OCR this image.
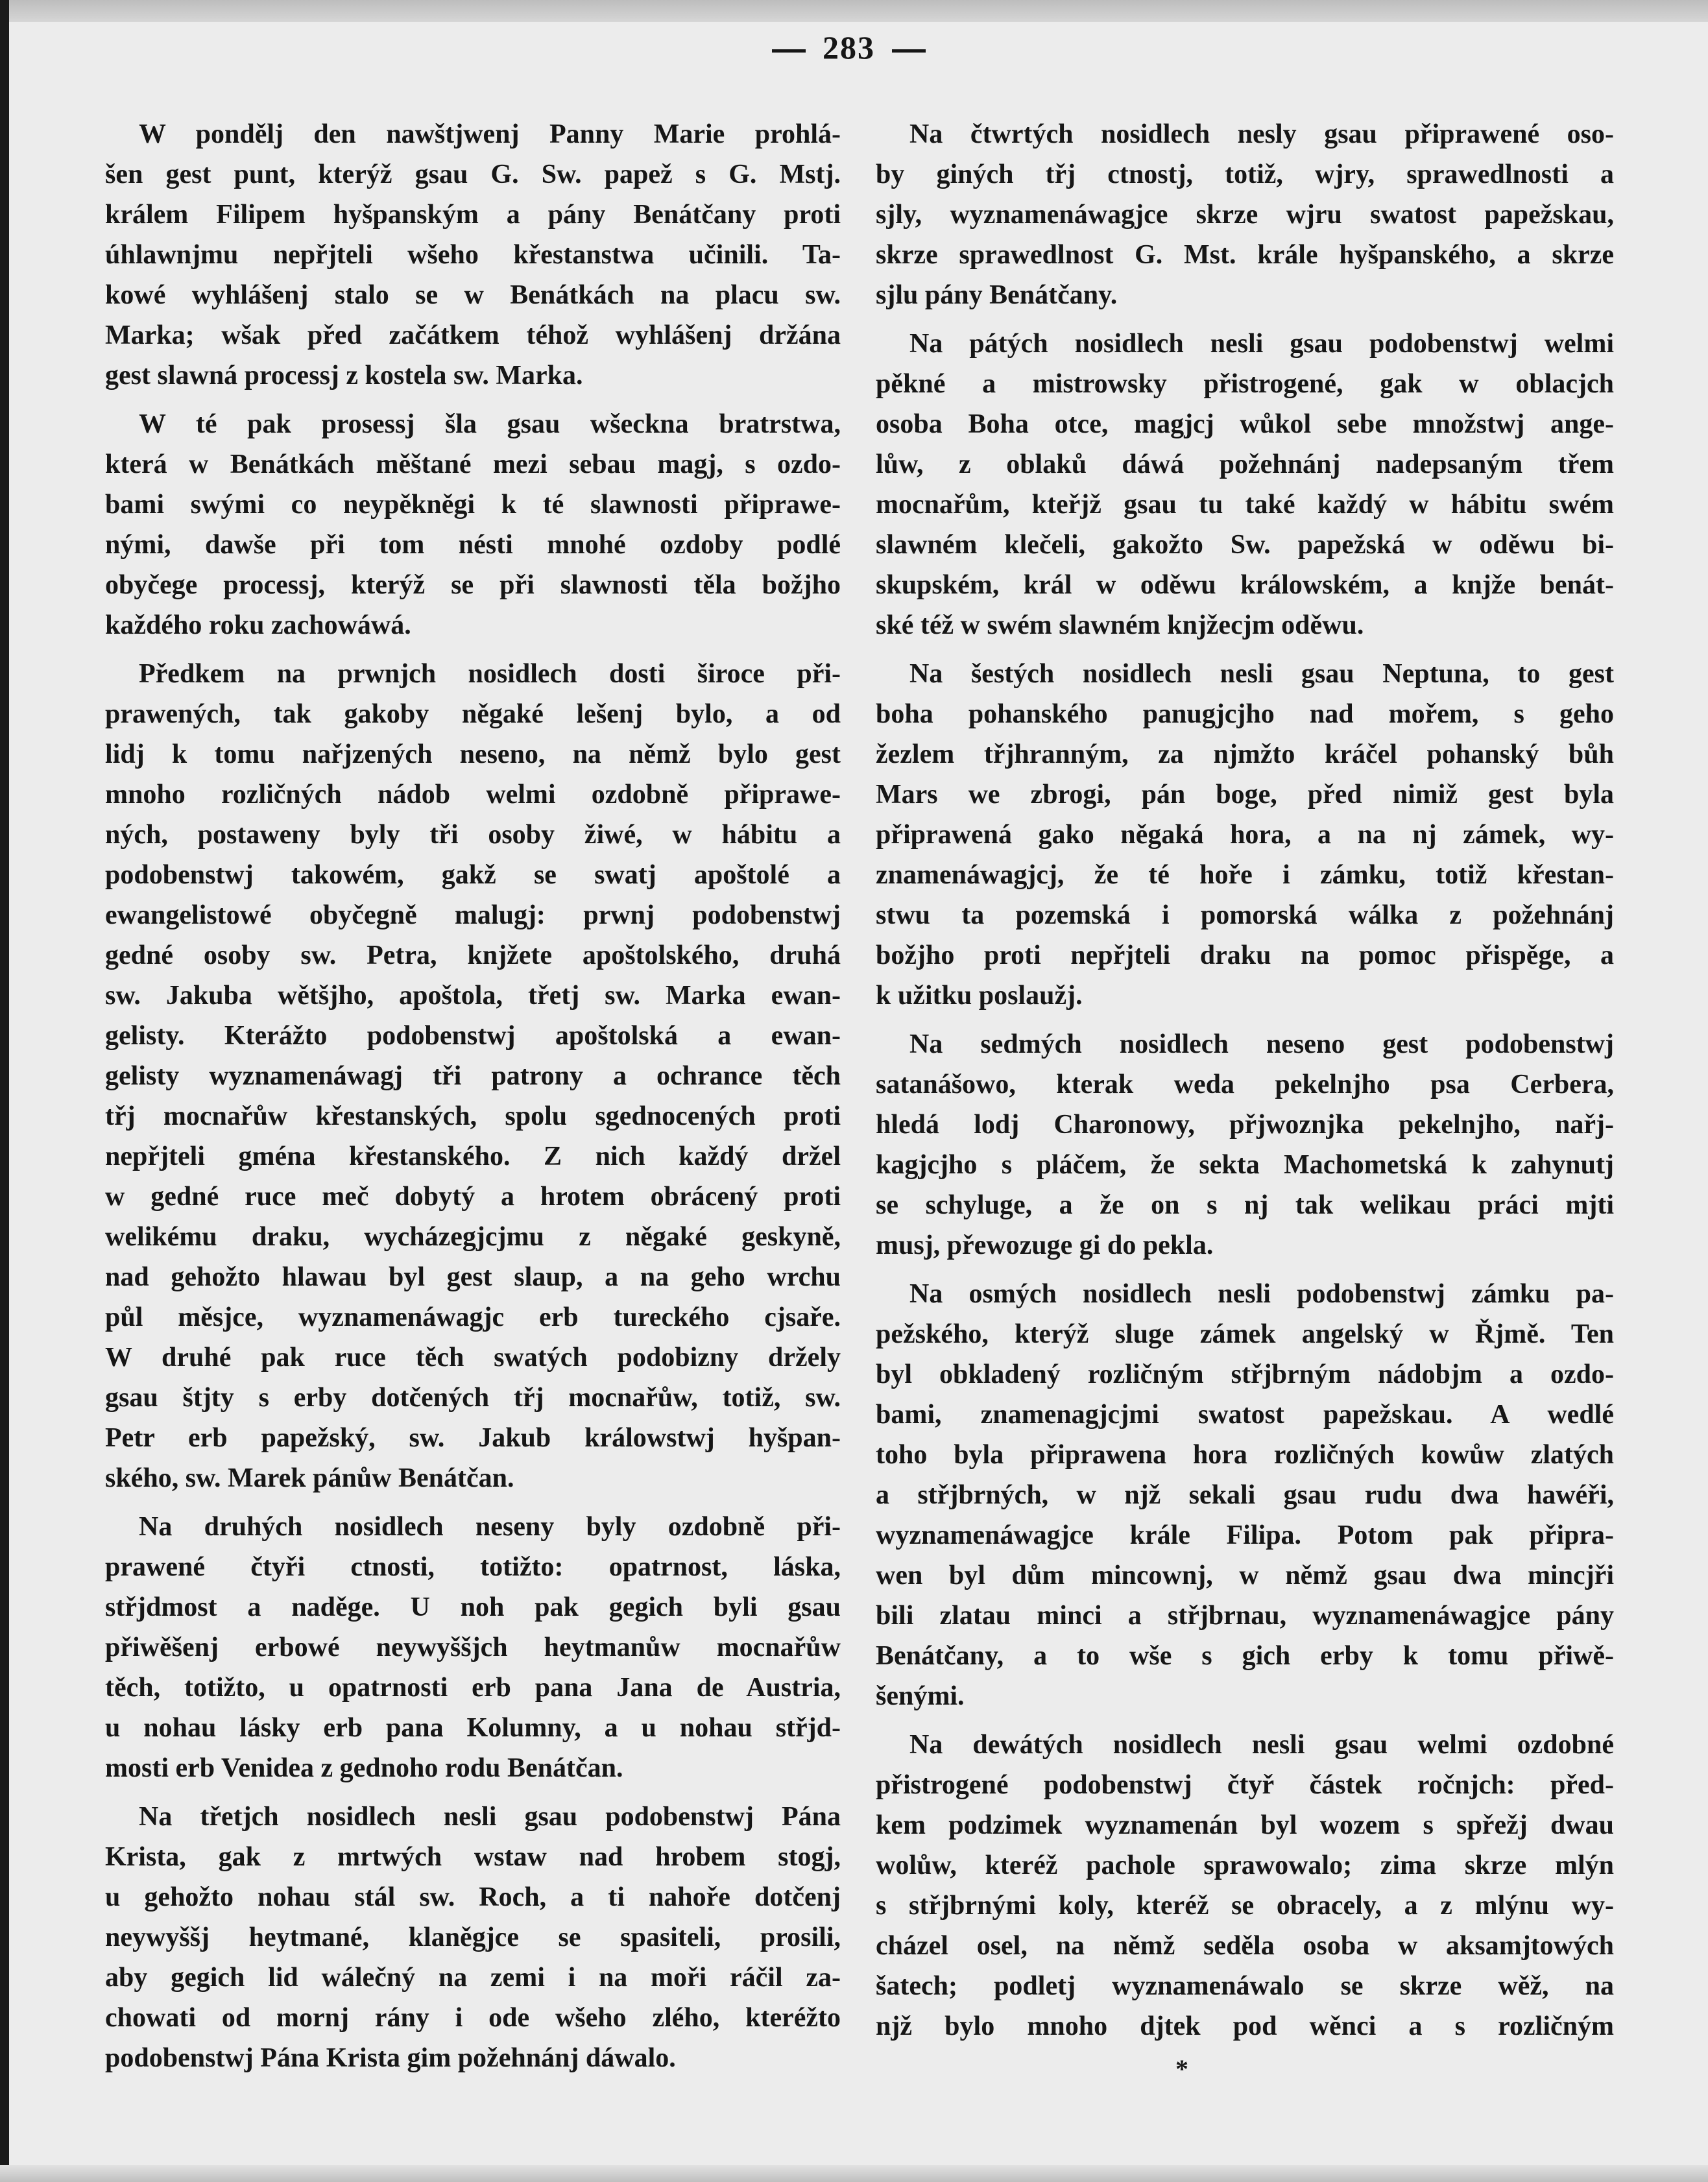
283
W pondělj den nawštjwenj Panny Marie prohlá-
šen gest punt, kterýž gsau G. Sw. papež s G. Mstj.
králem Filipem hyšpanským a pány Benátčany proti
úhlawnjmu nepřjteli wšeho křestanstwa učinili. Ta-
kowé wyhlášenj stalo se w Benátkách na placu sw.
Marka; wšak před začátkem téhož wyhlášenj držána
gest slawná processj z kostela sw. Marka.
W té pak prosessj šla gsau wšeckna bratrstwa,
která w Benátkách měštané mezi sebau magj, s ozdo-
bami swými co neypěkněgi k té slawnosti připrawe-
nými, dawše při tom nésti mnohé ozdoby podlé
obyčege processj, kterýž se při slawnosti těla božjho
každého roku zachowáwá.
Předkem na prwnjch nosidlech dosti široce při-
prawených, tak gakoby něgaké lešenj bylo, a od
lidj k tomu nařjzených neseno, na němž bylo gest
mnoho rozličných nádob welmi ozdobně připrawe-
ných, postaweny byly tři osoby žiwé, w hábitu a
podobenstwj takowém, gakž se swatj apoštolé a
ewangelistowé obyčegně malugj: prwnj podobenstwj
gedné osoby sw. Petra, knjžete apoštolského, druhá
sw. Jakuba wětšjho, apoštola, třetj sw. Marka ewan-
gelisty. Kterážto podobenstwj apoštolská a ewan-
gelisty wyznamenáwagj tři patrony a ochrance těch
třj mocnařůw křestanských, spolu sgednocených proti
nepřjteli gména křestanského. Z nich každý držel
w gedné ruce meč dobytý a hrotem obrácený proti
welikému draku, wycházegjcjmu z něgaké geskyně,
nad gehožto hlawau byl gest slaup, a na geho wrchu
půl měsjce, wyznamenáwagjc erb tureckého cjsaře.
W druhé pak ruce těch swatých podobizny držely
gsau štjty s erby dotčených třj mocnařůw, totiž, sw.
Petr erb papežský, sw. Jakub králowstwj hyšpan-
ského, sw. Marek pánůw Benátčan.
Na druhých nosidlech neseny byly ozdobně při-
prawené čtyři ctnosti, totižto: opatrnost, láska,
střjdmost a naděge. U noh pak gegich byli gsau
přiwěšenj erbowé neywyššjch heytmanůw mocnařůw
těch, totižto, u opatrnosti erb pana Jana de Austria,
u nohau lásky erb pana Kolumny, a u nohau střjd-
mosti erb Venidea z gednoho rodu Benátčan.
Na třetjch nosidlech nesli gsau podobenstwj Pána
Krista, gak z mrtwých wstaw nad hrobem stogj,
u gehožto nohau stál sw. Roch, a ti nahoře dotčenj
neywyššj heytmané, klaněgjce se spasiteli, prosili,
aby gegich lid wálečný na zemi i na moři ráčil za-
chowati od mornj rány i ode wšeho zlého, kteréžto
podobenstwj Pána Krista gim požehnánj dáwalo.
Na čtwrtých nosidlech nesly gsau připrawené oso-
by giných třj ctnostj, totiž, wjry, sprawedlnosti a
sjly, wyznamenáwagjce skrze wjru swatost papežskau,
skrze sprawedlnost G. Mst. krále hyšpanského, a skrze
sjlu pány Benátčany.
Na pátých nosidlech nesli gsau podobenstwj welmi
pěkné a mistrowsky přistrogené, gak w oblacjch
osoba Boha otce, magjcj wůkol sebe množstwj ange-
lůw, z oblaků dáwá požehnánj nadepsaným třem
mocnařům, kteřjž gsau tu také každý w hábitu swém
slawném klečeli, gakožto Sw. papežská w oděwu bi-
skupském, král w oděwu králowském, a knjže benát-
ské též w swém slawném knjžecjm oděwu.
Na šestých nosidlech nesli gsau Neptuna, to gest
boha pohanského panugjcjho nad mořem, s geho
žezlem třjhranným, za njmžto kráčel pohanský bůh
Mars we zbrogi, pán boge, před nimiž gest byla
připrawená gako něgaká hora, a na nj zámek, wy-
znamenáwagjcj, že té hoře i zámku, totiž křestan-
stwu ta pozemská i pomorská wálka z požehnánj
božjho proti nepřjteli draku na pomoc přispěge, a
k užitku poslaužj.
Na sedmých nosidlech neseno gest podobenstwj
satanášowo, kterak weda pekelnjho psa Cerbera,
hledá lodj Charonowy, přjwoznjka pekelnjho, nařj-
kagjcjho s pláčem, že sekta Machometská k zahynutj
se schyluge, a že on s nj tak welikau práci mjti
musj, přewozuge gi do pekla.
Na osmých nosidlech nesli podobenstwj zámku pa-
pežského, kterýž sluge zámek angelský w Řjmě. Ten
byl obkladený rozličným střjbrným nádobjm a ozdo-
bami, znamenagjcjmi swatost papežskau. A wedlé
toho byla připrawena hora rozličných kowůw zlatých
a střjbrných, w njž sekali gsau rudu dwa hawéři,
wyznamenáwagjce krále Filipa. Potom pak připra-
wen byl dům mincownj, w němž gsau dwa mincjři
bili zlatau minci a střjbrnau, wyznamenáwagjce pány
Benátčany, a to wše s gich erby k tomu přiwě-
šenými.
Na dewátých nosidlech nesli gsau welmi ozdobné
přistrogené podobenstwj čtyř částek ročnjch: před-
kem podzimek wyznamenán byl wozem s spřežj dwau
wolůw, kteréž pachole sprawowalo; zima skrze mlýn
s střjbrnými koly, kteréž se obracely, a z mlýnu wy-
cházel osel, na němž seděla osoba w aksamjtowých
šatech; podletj wyznamenáwalo se skrze wěž, na
njž bylo mnoho djtek pod wěnci a s rozličným
*
